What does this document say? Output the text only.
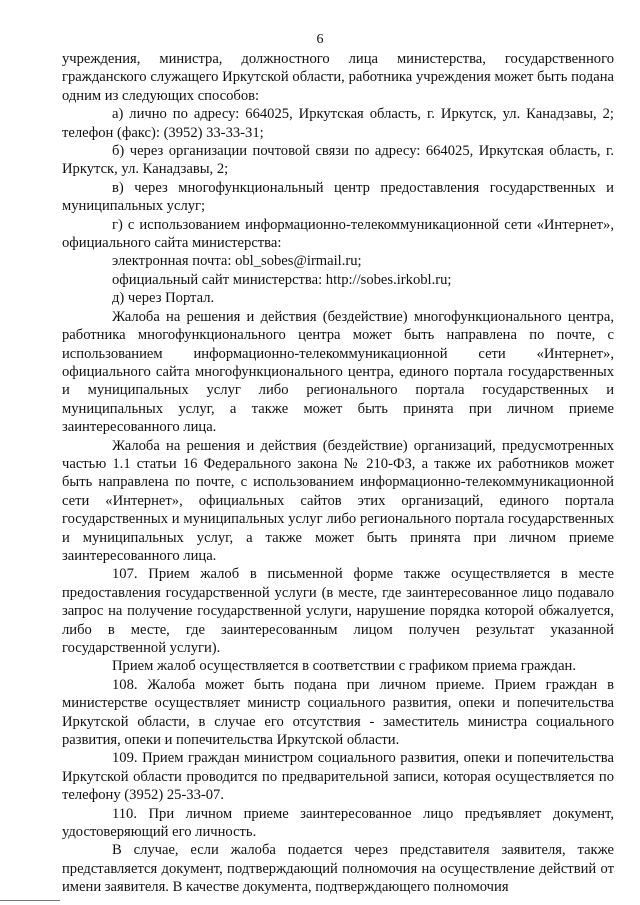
6

учреждения, министра, должностного лица министерства, государственного гражданского служащего Иркутской области, работника учреждения может быть подана одним из следующих способов:

а) лично по адресу: 664025, Иркутская область, г. Иркутск, ул. Канадзавы, 2; телефон (факс): (3952) 33-33-31;

б) через организации почтовой связи по адресу: 664025, Иркутская область, г. Иркутск, ул. Канадзавы, 2;

в) через многофункциональный центр предоставления государственных и муниципальных услуг;

г) с использованием информационно-телекоммуникационной сети «Интернет», официального сайта министерства:

электронная почта: obl_sobes@irmail.ru;

официальный сайт министерства: http://sobes.irkobl.ru;

д) через Портал.

Жалоба на решения и действия (бездействие) многофункционального центра, работника многофункционального центра может быть направлена по почте, с использованием информационно-телекоммуникационной сети «Интернет», официального сайта многофункционального центра, единого портала государственных и муниципальных услуг либо регионального портала государственных и муниципальных услуг, а также может быть принята при личном приеме заинтересованного лица.

Жалоба на решения и действия (бездействие) организаций, предусмотренных частью 1.1 статьи 16 Федерального закона № 210-ФЗ, а также их работников может быть направлена по почте, с использованием информационно-телекоммуникационной сети «Интернет», официальных сайтов этих организаций, единого портала государственных и муниципальных услуг либо регионального портала государственных и муниципальных услуг, а также может быть принята при личном приеме заинтересованного лица.

107. Прием жалоб в письменной форме также осуществляется в месте предоставления государственной услуги (в месте, где заинтересованное лицо подавало запрос на получение государственной услуги, нарушение порядка которой обжалуется, либо в месте, где заинтересованным лицом получен результат указанной государственной услуги).

Прием жалоб осуществляется в соответствии с графиком приема граждан.

108. Жалоба может быть подана при личном приеме. Прием граждан в министерстве осуществляет министр социального развития, опеки и попечительства Иркутской области, в случае его отсутствия - заместитель министра социального развития, опеки и попечительства Иркутской области.

109. Прием граждан министром социального развития, опеки и попечительства Иркутской области проводится по предварительной записи, которая осуществляется по телефону (3952) 25-33-07.

110. При личном приеме заинтересованное лицо предъявляет документ, удостоверяющий его личность.

В случае, если жалоба подается через представителя заявителя, также представляется документ, подтверждающий полномочия на осуществление действий от имени заявителя. В качестве документа, подтверждающего полномочия
